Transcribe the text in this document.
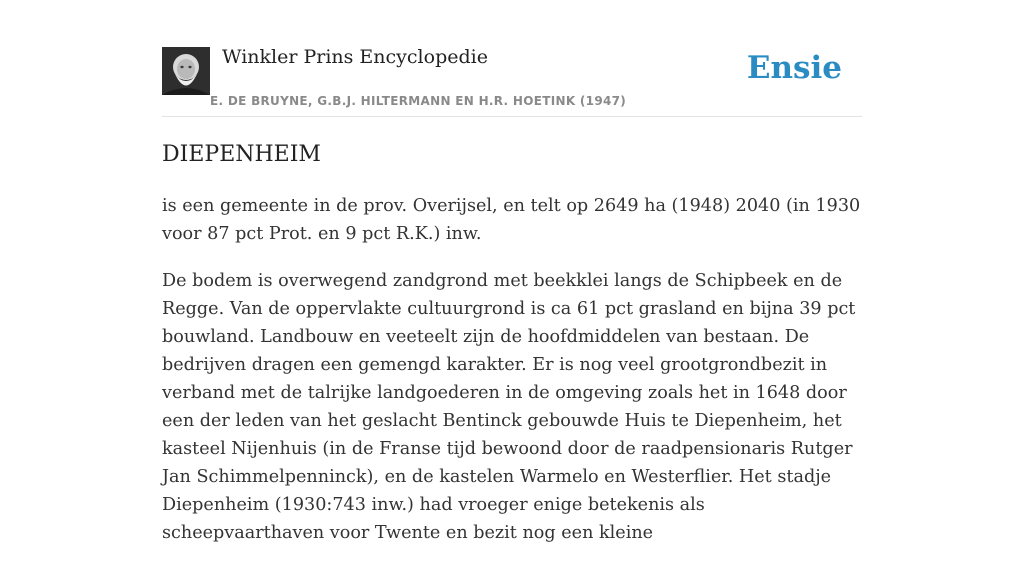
Winkler Prins Encyclopedie
E. DE BRUYNE, G.B.J. HILTERMANN EN H.R. HOETINK (1947)
Ensie
DIEPENHEIM

is een gemeente in de prov. Overijsel, en telt op 2649 ha (1948) 2040 (in 1930 voor 87 pct Prot. en 9 pct R.K.) inw.

De bodem is overwegend zandgrond met beekklei langs de Schipbeek en de Regge. Van de oppervlakte cultuurgrond is ca 61 pct grasland en bijna 39 pct bouwland. Landbouw en veeteelt zijn de hoofdmiddelen van bestaan. De bedrijven dragen een gemengd karakter. Er is nog veel grootgrondbezit in verband met de talrijke landgoederen in de omgeving zoals het in 1648 door een der leden van het geslacht Bentinck gebouwde Huis te Diepenheim, het kasteel Nijenhuis (in de Franse tijd bewoond door de raadpensionaris Rutger Jan Schimmelpenninck), en de kastelen Warmelo en Westerflier. Het stadje Diepenheim (1930:743 inw.) had vroeger enige betekenis als scheepvaarthaven voor Twente en bezit nog een kleine
